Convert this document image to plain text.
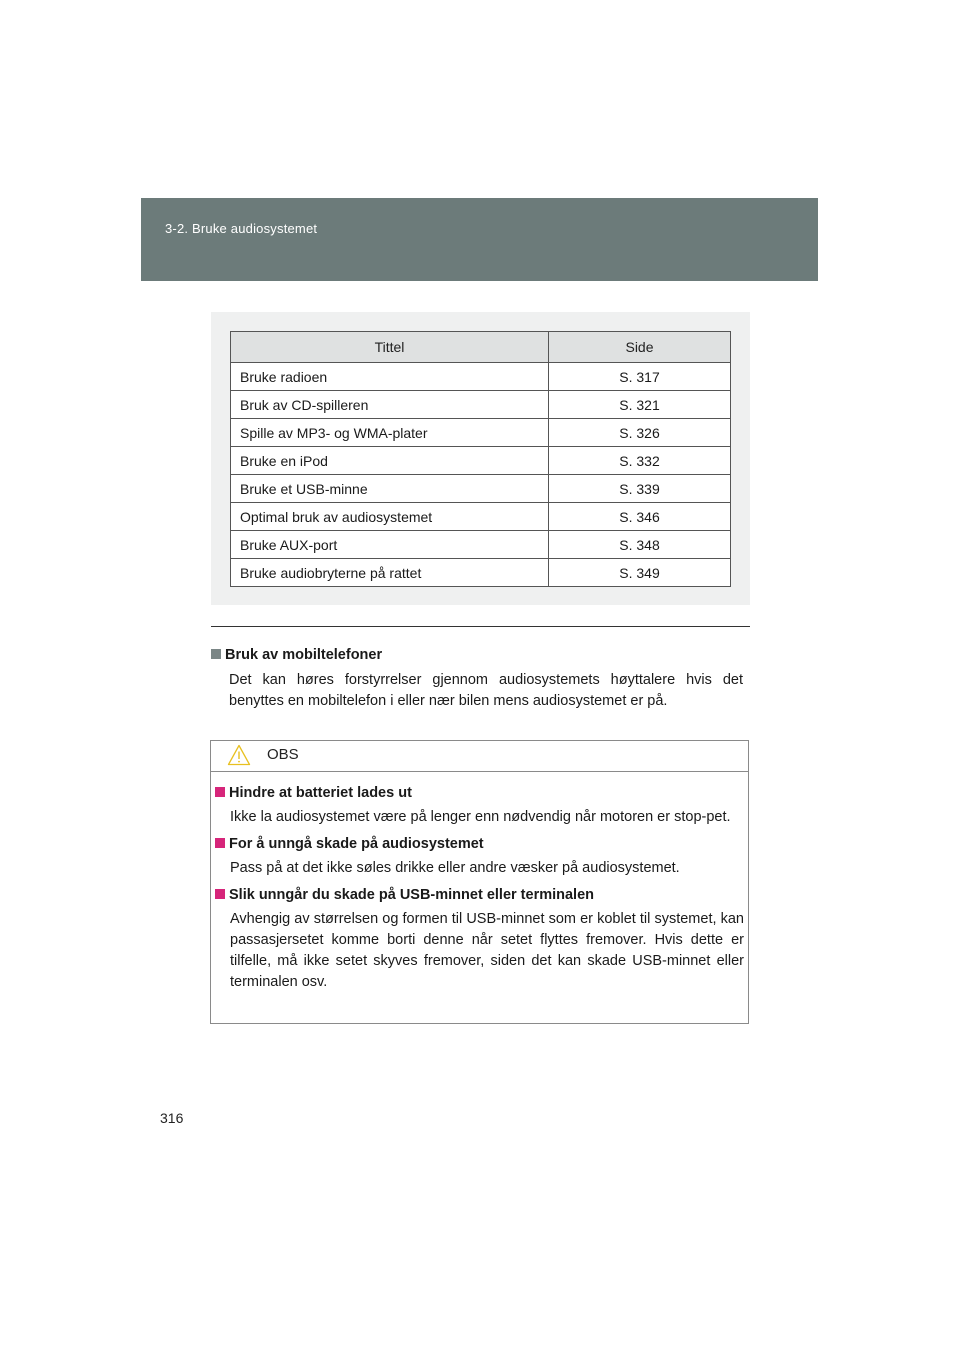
3-2. Bruke audiosystemet
Tittel	Side
Bruke radioen	S. 317
Bruk av CD-spilleren	S. 321
Spille av MP3- og WMA-plater	S. 326
Bruke en iPod	S. 332
Bruke et USB-minne	S. 339
Optimal bruk av audiosystemet	S. 346
Bruke AUX-port	S. 348
Bruke audiobryterne på rattet	S. 349
Bruk av mobiltelefoner
Det kan høres forstyrrelser gjennom audiosystemets høyttalere hvis det benyttes en mobiltelefon i eller nær bilen mens audiosystemet er på.
OBS
Hindre at batteriet lades ut
Ikke la audiosystemet være på lenger enn nødvendig når motoren er stop-pet.
For å unngå skade på audiosystemet
Pass på at det ikke søles drikke eller andre væsker på audiosystemet.
Slik unngår du skade på USB-minnet eller terminalen
Avhengig av størrelsen og formen til USB-minnet som er koblet til systemet, kan passasjersetet komme borti denne når setet flyttes fremover. Hvis dette er tilfelle, må ikke setet skyves fremover, siden det kan skade USB-minnet eller terminalen osv.
316
